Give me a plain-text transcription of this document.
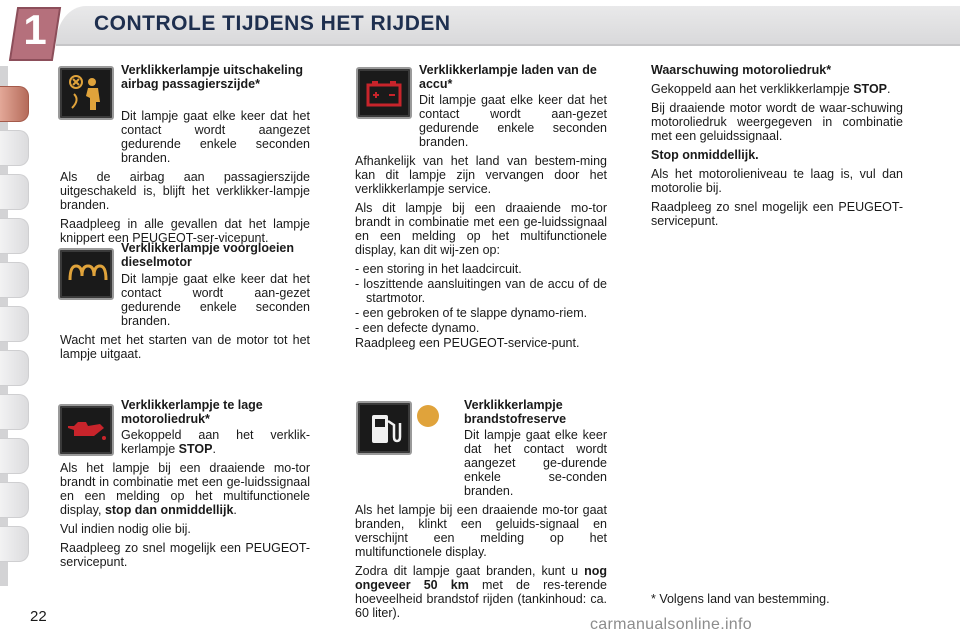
1 CONTROLE TIJDENS HET RIJDEN

Verklikkerlampje uitschakeling airbag passagierszijde*

Dit lampje gaat elke keer dat het contact wordt aangezet gedurende enkele seconden branden.

Als de airbag aan passagierszijde uitgeschakeld is, blijft het verklikker-lampje branden.

Raadpleeg in alle gevallen dat het lampje knippert een PEUGEOT-ser-vicepunt.

Verklikkerlampje voorgloeien dieselmotor

Dit lampje gaat elke keer dat het contact wordt aan-gezet gedurende enkele seconden branden.

Wacht met het starten van de motor tot het lampje uitgaat.

Verklikkerlampje te lage motoroliedruk*

Gekoppeld aan het verklik-kerlampje STOP.

Als het lampje bij een draaiende mo-tor brandt in combinatie met een ge-luidssignaal en een melding op het multifunctionele display, stop dan onmiddellijk.

Vul indien nodig olie bij.

Raadpleeg zo snel mogelijk een PEUGEOT-servicepunt.

Verklikkerlampje laden van de accu*

Dit lampje gaat elke keer dat het contact wordt aan-gezet gedurende enkele seconden branden.

Afhankelijk van het land van bestem-ming kan dit lampje zijn vervangen door het verklikkerlampje service.

Als dit lampje bij een draaiende mo-tor brandt in combinatie met een ge-luidssignaal en een melding op het multifunctionele display, kan dit wij-zen op:

- een storing in het laadcircuit.

- loszittende aansluitingen van de accu of de startmotor.

- een gebroken of te slappe dynamo-riem.

- een defecte dynamo.

Raadpleeg een PEUGEOT-service-punt.

Verklikkerlampje brandstofreserve

Dit lampje gaat elke keer dat het contact wordt aangezet ge-durende enkele se-conden branden.

Als het lampje bij een draaiende mo-tor gaat branden, klinkt een geluids-signaal en verschijnt een melding op het multifunctionele display.

Zodra dit lampje gaat branden, kunt u nog ongeveer 50 km met de res-terende hoeveelheid brandstof rijden (tankinhoud: ca. 60 liter).

Waarschuwing motoroliedruk*

Gekoppeld aan het verklikkerlampje STOP.

Bij draaiende motor wordt de waar-schuwing motoroliedruk weergegeven in combinatie met een geluidssignaal.

Stop onmiddellijk.

Als het motorolieniveau te laag is, vul dan motorolie bij.

Raadpleeg zo snel mogelijk een PEUGEOT-servicepunt.

* Volgens land van bestemming.
22	carmanualsonline.info
